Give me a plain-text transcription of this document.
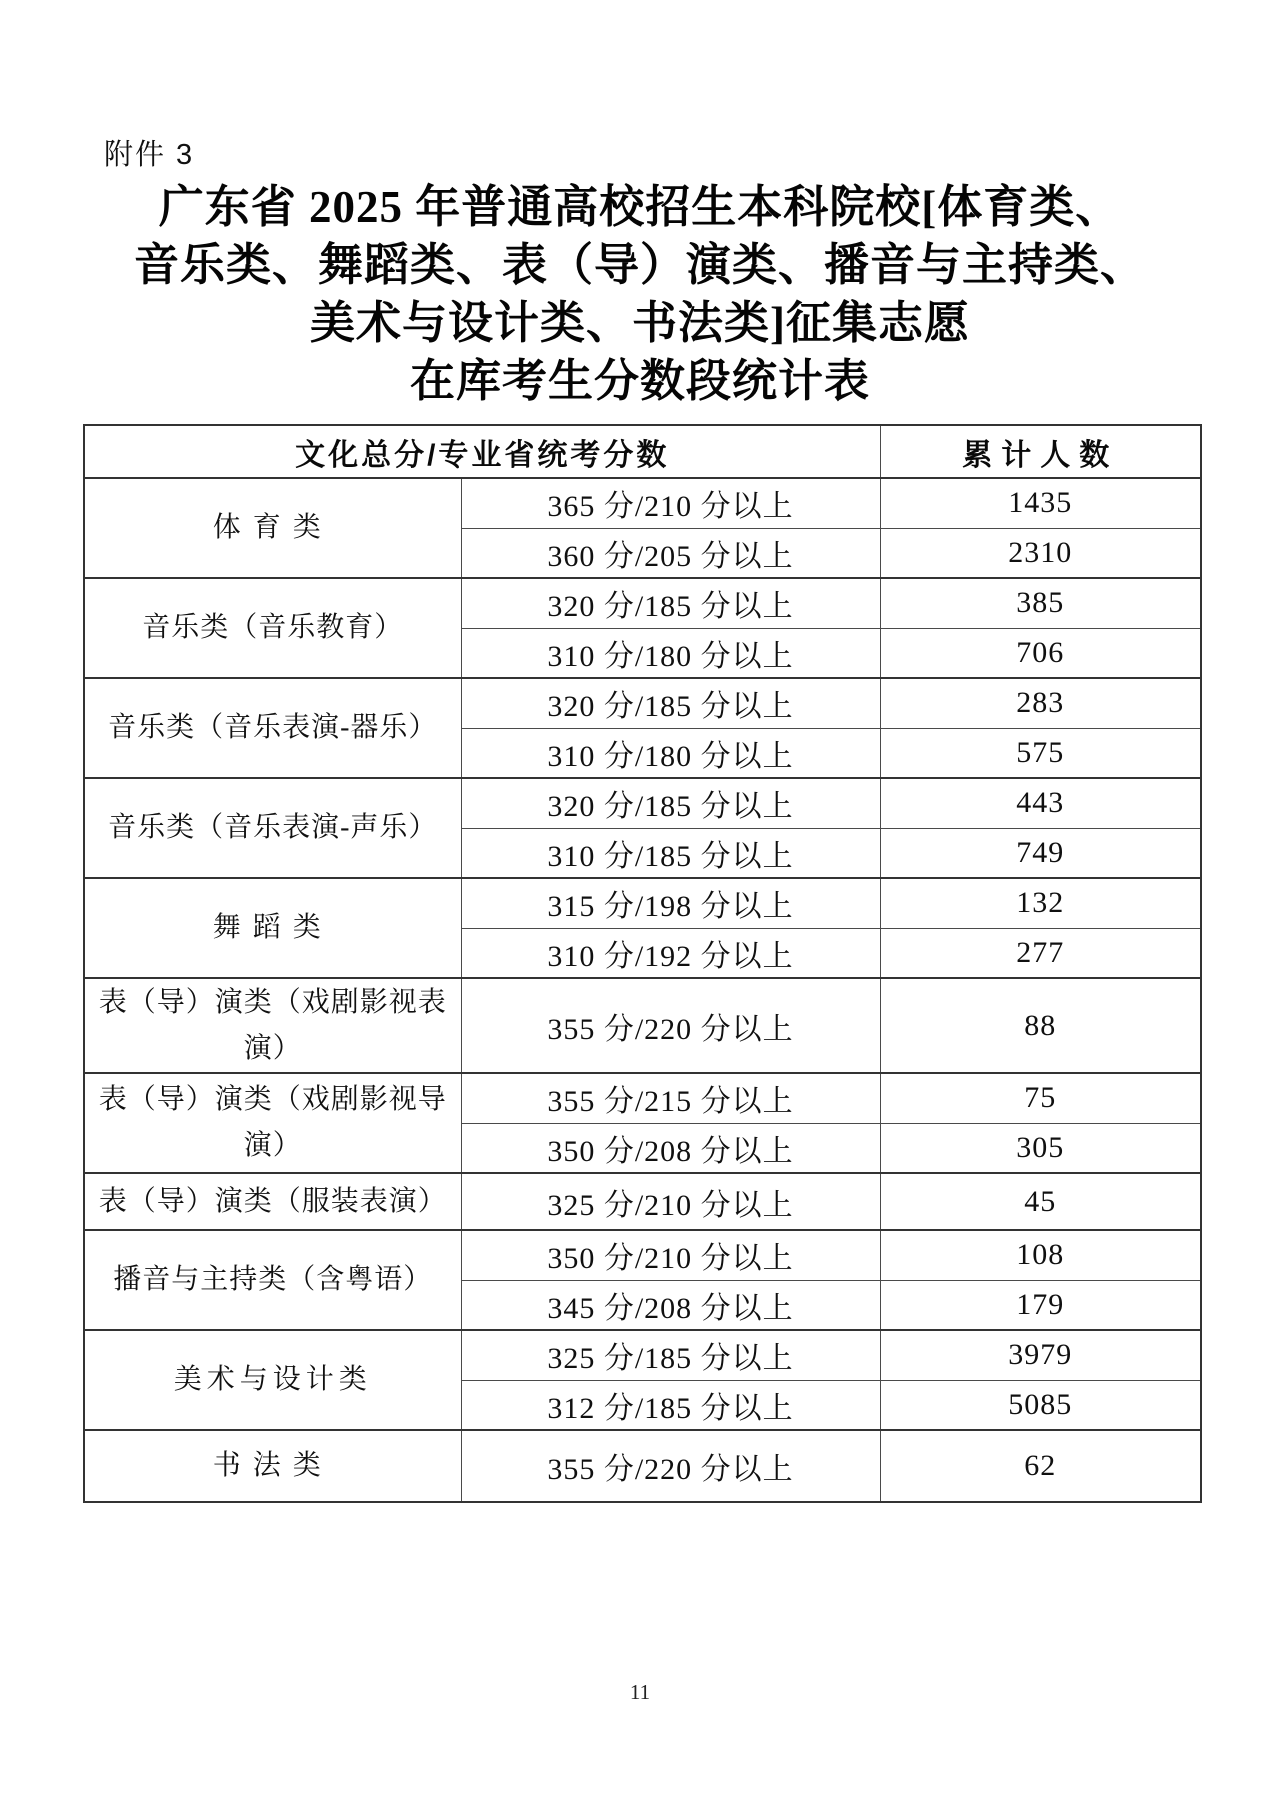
附件 3
广东省 2025 年普通高校招生本科院校[体育类、
音乐类、舞蹈类、表（导）演类、播音与主持类、
美术与设计类、书法类]征集志愿
在库考生分数段统计表
文化总分/专业省统考分数		累计人数
体育类	365 分/210 分以上	1435
	360 分/205 分以上	2310
音乐类（音乐教育）	320 分/185 分以上	385
	310 分/180 分以上	706
音乐类（音乐表演-器乐）	320 分/185 分以上	283
	310 分/180 分以上	575
音乐类（音乐表演-声乐）	320 分/185 分以上	443
	310 分/185 分以上	749
舞蹈类	315 分/198 分以上	132
	310 分/192 分以上	277
表（导）演类（戏剧影视表演）	355 分/220 分以上	88
表（导）演类（戏剧影视导演）	355 分/215 分以上	75
	350 分/208 分以上	305
表（导）演类（服装表演）	325 分/210 分以上	45
播音与主持类（含粤语）	350 分/210 分以上	108
	345 分/208 分以上	179
美术与设计类	325 分/185 分以上	3979
	312 分/185 分以上	5085
书法类	355 分/220 分以上	62
11
